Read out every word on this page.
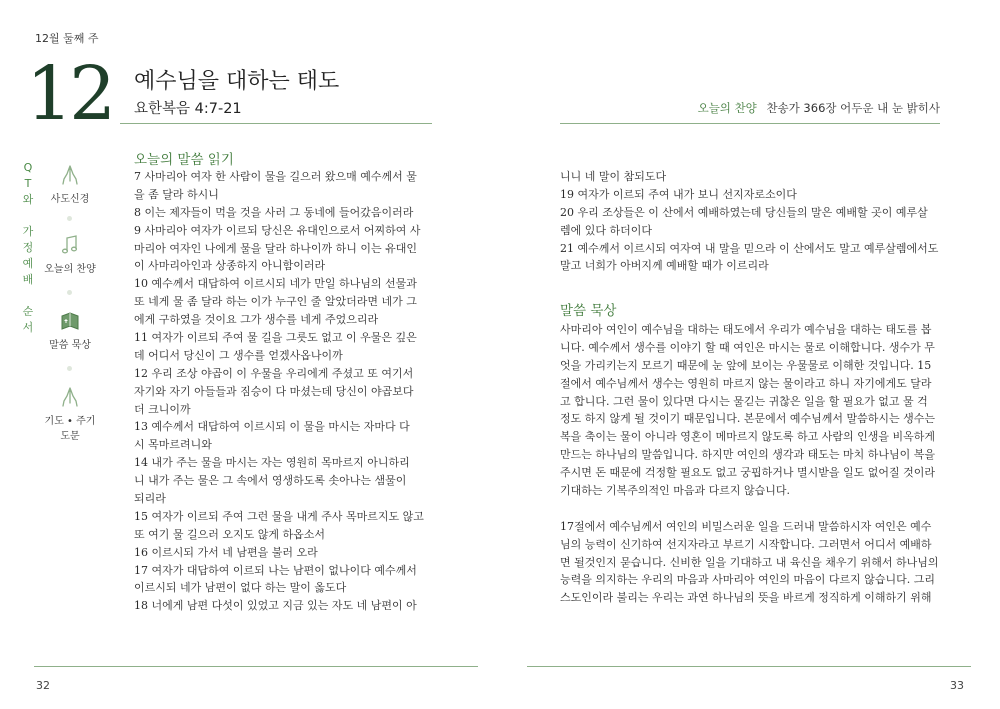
12월 둘째 주
12 예수님을 대하는 태도
요한복음 4:7-21	오늘의 찬양 찬송가 366장 어두운 내 눈 밝히사
Q
T
와

가
정
예
배

순
서
사도신경
오늘의 찬양
말씀 묵상
기도 • 주기도문
오늘의 말씀 읽기
7 사마리아 여자 한 사람이 물을 길으러 왔으매 예수께서 물
을 좀 달라 하시니
8 이는 제자들이 먹을 것을 사러 그 동네에 들어갔음이러라
9 사마리아 여자가 이르되 당신은 유대인으로서 어찌하여 사
마리아 여자인 나에게 물을 달라 하나이까 하니 이는 유대인
이 사마리아인과 상종하지 아니함이러라
10 예수께서 대답하여 이르시되 네가 만일 하나님의 선물과
또 네게 물 좀 달라 하는 이가 누구인 줄 알았더라면 네가 그
에게 구하였을 것이요 그가 생수를 네게 주었으리라
11 여자가 이르되 주여 물 길을 그릇도 없고 이 우물은 깊은
데 어디서 당신이 그 생수를 얻겠사옵나이까
12 우리 조상 야곱이 이 우물을 우리에게 주셨고 또 여기서
자기와 자기 아들들과 짐승이 다 마셨는데 당신이 야곱보다
더 크니이까
13 예수께서 대답하여 이르시되 이 물을 마시는 자마다 다
시 목마르려니와
14 내가 주는 물을 마시는 자는 영원히 목마르지 아니하리
니 내가 주는 물은 그 속에서 영생하도록 솟아나는 샘물이
되리라
15 여자가 이르되 주여 그런 물을 내게 주사 목마르지도 않고
또 여기 물 길으러 오지도 않게 하옵소서
16 이르시되 가서 네 남편을 불러 오라
17 여자가 대답하여 이르되 나는 남편이 없나이다 예수께서
이르시되 네가 남편이 없다 하는 말이 옳도다
18 너에게 남편 다섯이 있었고 지금 있는 자도 네 남편이 아
니니 네 말이 참되도다
19 여자가 이르되 주여 내가 보니 선지자로소이다
20 우리 조상들은 이 산에서 예배하였는데 당신들의 말은 예배할 곳이 예루살
렘에 있다 하더이다
21 예수께서 이르시되 여자여 내 말을 믿으라 이 산에서도 말고 예루살렘에서도
말고 너희가 아버지께 예배할 때가 이르리라
말씀 묵상
사마리아 여인이 예수님을 대하는 태도에서 우리가 예수님을 대하는 태도를 봅
니다. 예수께서 생수를 이야기 할 때 여인은 마시는 물로 이해합니다. 생수가 무
엇을 가리키는지 모르기 때문에 눈 앞에 보이는 우물물로 이해한 것입니다. 15
절에서 예수님께서 생수는 영원히 마르지 않는 물이라고 하니 자기에게도 달라
고 합니다. 그런 물이 있다면 다시는 물긷는 귀찮은 일을 할 필요가 없고 물 걱
정도 하지 않게 될 것이기 때문입니다. 본문에서 예수님께서 말씀하시는 생수는
복을 축이는 물이 아니라 영혼이 메마르지 않도록 하고 사람의 인생을 비옥하게
만드는 하나님의 말씀입니다. 하지만 여인의 생각과 태도는 마치 하나님이 복을
주시면 돈 때문에 걱정할 필요도 없고 궁핍하거나 멸시받을 일도 없어질 것이라
기대하는 기복주의적인 마음과 다르지 않습니다.
17절에서 예수님께서 여인의 비밀스러운 일을 드러내 말씀하시자 여인은 예수
님의 능력이 신기하여 선지자라고 부르기 시작합니다. 그러면서 어디서 예배하
면 될것인지 묻습니다. 신비한 일을 기대하고 내 육신을 채우기 위해서 하나님의
능력을 의지하는 우리의 마음과 사마리아 여인의 마음이 다르지 않습니다. 그리
스도인이라 불리는 우리는 과연 하나님의 뜻을 바르게 정직하게 이해하기 위해
32	33
